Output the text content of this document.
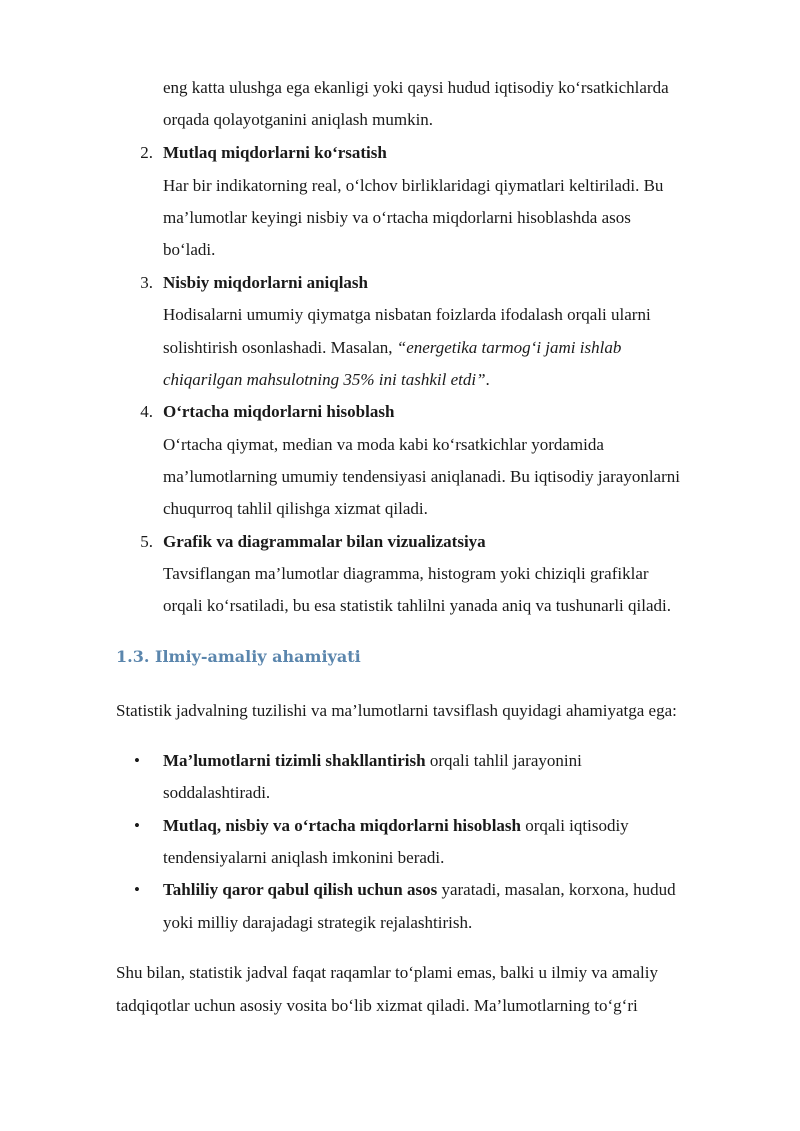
eng katta ulushga ega ekanligi yoki qaysi hudud iqtisodiy ko‘rsatkichlarda
orqada qolayotganini aniqlash mumkin.
2. Mutlaq miqdorlarni ko‘rsatish
Har bir indikatorning real, o‘lchov birliklaridagi qiymatlari keltiriladi. Bu
ma’lumotlar keyingi nisbiy va o‘rtacha miqdorlarni hisoblashda asos
bo‘ladi.
3. Nisbiy miqdorlarni aniqlash
Hodisalarni umumiy qiymatga nisbatan foizlarda ifodalash orqali ularni
solishtirish osonlashadi. Masalan, “energetika tarmog‘i jami ishlab
chiqarilgan mahsulotning 35% ini tashkil etdi”.
4. O‘rtacha miqdorlarni hisoblash
O‘rtacha qiymat, median va moda kabi ko‘rsatkichlar yordamida
ma’lumotlarning umumiy tendensiyasi aniqlanadi. Bu iqtisodiy jarayonlarni
chuqurroq tahlil qilishga xizmat qiladi.
5. Grafik va diagrammalar bilan vizualizatsiya
Tavsiflangan ma’lumotlar diagramma, histogram yoki chiziqli grafiklar
orqali ko‘rsatiladi, bu esa statistik tahlilni yanada aniq va tushunarli qiladi.
1.3. Ilmiy-amaliy ahamiyati
Statistik jadvalning tuzilishi va ma’lumotlarni tavsiflash quyidagi ahamiyatga ega:
• Ma’lumotlarni tizimli shakllantirish orqali tahlil jarayonini
soddalashtiradi.
• Mutlaq, nisbiy va o‘rtacha miqdorlarni hisoblash orqali iqtisodiy
tendensiyalarni aniqlash imkonini beradi.
• Tahliliy qaror qabul qilish uchun asos yaratadi, masalan, korxona, hudud
yoki milliy darajadagi strategik rejalashtirish.
Shu bilan, statistik jadval faqat raqamlar to‘plami emas, balki u ilmiy va amaliy
tadqiqotlar uchun asosiy vosita bo‘lib xizmat qiladi. Ma’lumotlarning to‘g‘ri
